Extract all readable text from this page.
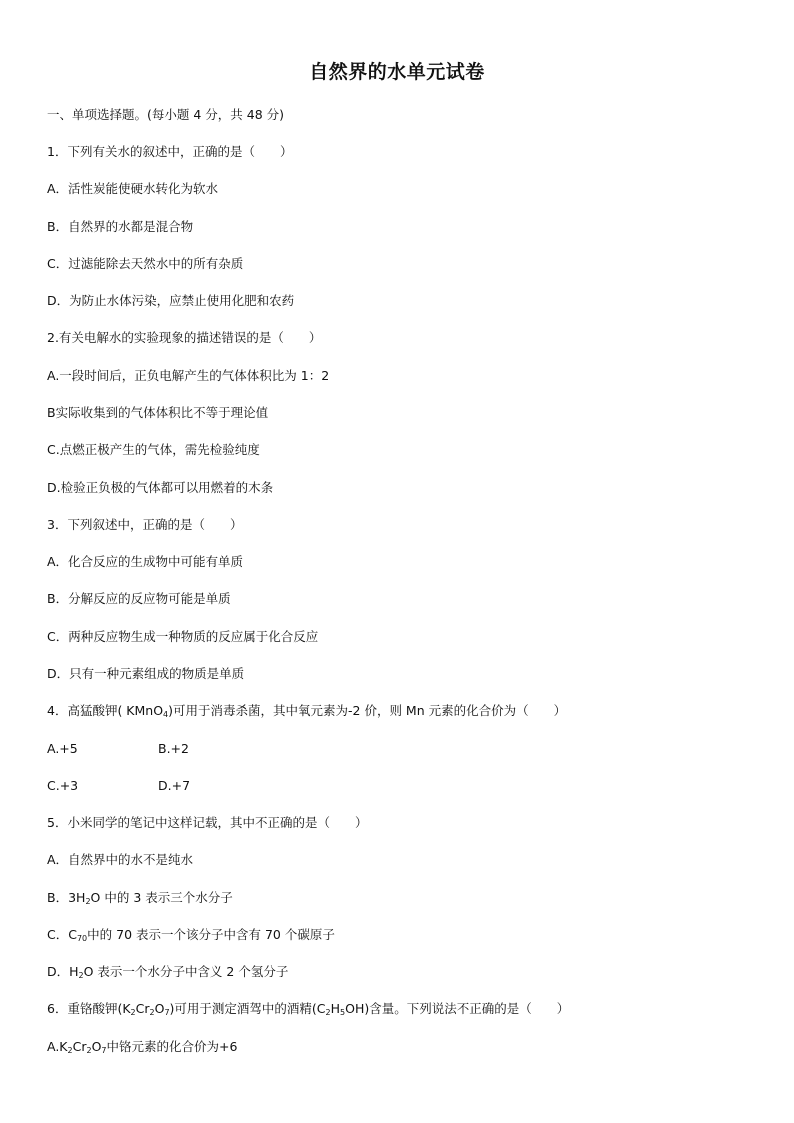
自然界的水单元试卷
一、单项选择题。(每小题 4 分，共 48 分)
1．下列有关水的叙述中，正确的是（　　）
A．活性炭能使硬水转化为软水
B．自然界的水都是混合物
C．过滤能除去天然水中的所有杂质
D．为防止水体污染，应禁止使用化肥和农药
2.有关电解水的实验现象的描述错误的是（　　）
A.一段时间后，正负电解产生的气体体积比为 1：2
B实际收集到的气体体积比不等于理论值
C.点燃正极产生的气体，需先检验纯度
D.检验正负极的气体都可以用燃着的木条
3．下列叙述中，正确的是（　　）
A．化合反应的生成物中可能有单质
B．分解反应的反应物可能是单质
C．两种反应物生成一种物质的反应属于化合反应
D．只有一种元素组成的物质是单质
4．高猛酸钾( KMnO$_4$)可用于消毒杀菌，其中氧元素为-2 价，则 Mn 元素的化合价为（　　）
A.+5	B.+2
C.+3	D.+7
5．小米同学的笔记中这样记载，其中不正确的是（　　）
A．自然界中的水不是纯水
B．$3H_2O$ 中的 3 表示三个水分子
C．$C_{70}$中的 70 表示一个该分子中含有 70 个碳原子
D．$H_2O$ 表示一个水分子中含义 2 个氢分子
6．重铬酸钾$(K_2Cr_2O_7)$可用于测定酒驾中的酒精$(C_2H_5OH)$含量。下列说法不正确的是（　　）
$A.K_2Cr_2O_7$中铬元素的化合价为+6
